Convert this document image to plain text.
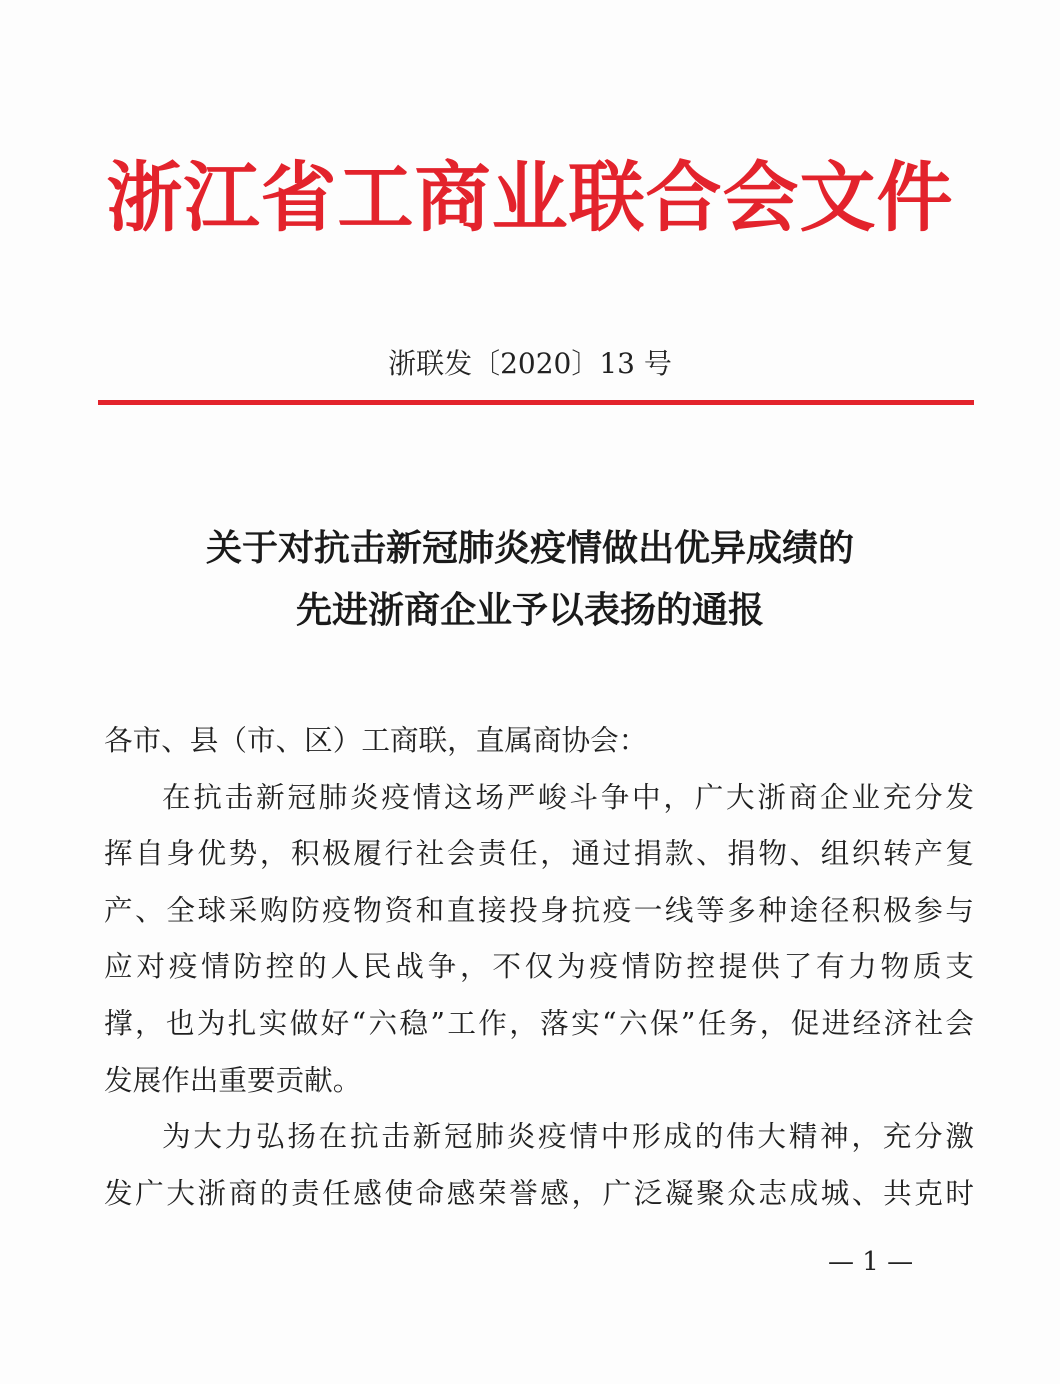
浙江省工商业联合会文件
浙联发〔2020〕13 号
关于对抗击新冠肺炎疫情做出优异成绩的
先进浙商企业予以表扬的通报
各市、县（市、区）工商联，直属商协会：
在抗击新冠肺炎疫情这场严峻斗争中，广大浙商企业充分发
挥自身优势，积极履行社会责任，通过捐款、捐物、组织转产复
产、全球采购防疫物资和直接投身抗疫一线等多种途径积极参与
应对疫情防控的人民战争，不仅为疫情防控提供了有力物质支
撑，也为扎实做好“六稳”工作，落实“六保”任务，促进经济社会
发展作出重要贡献。
为大力弘扬在抗击新冠肺炎疫情中形成的伟大精神，充分激
发广大浙商的责任感使命感荣誉感，广泛凝聚众志成城、共克时
— 1 —
